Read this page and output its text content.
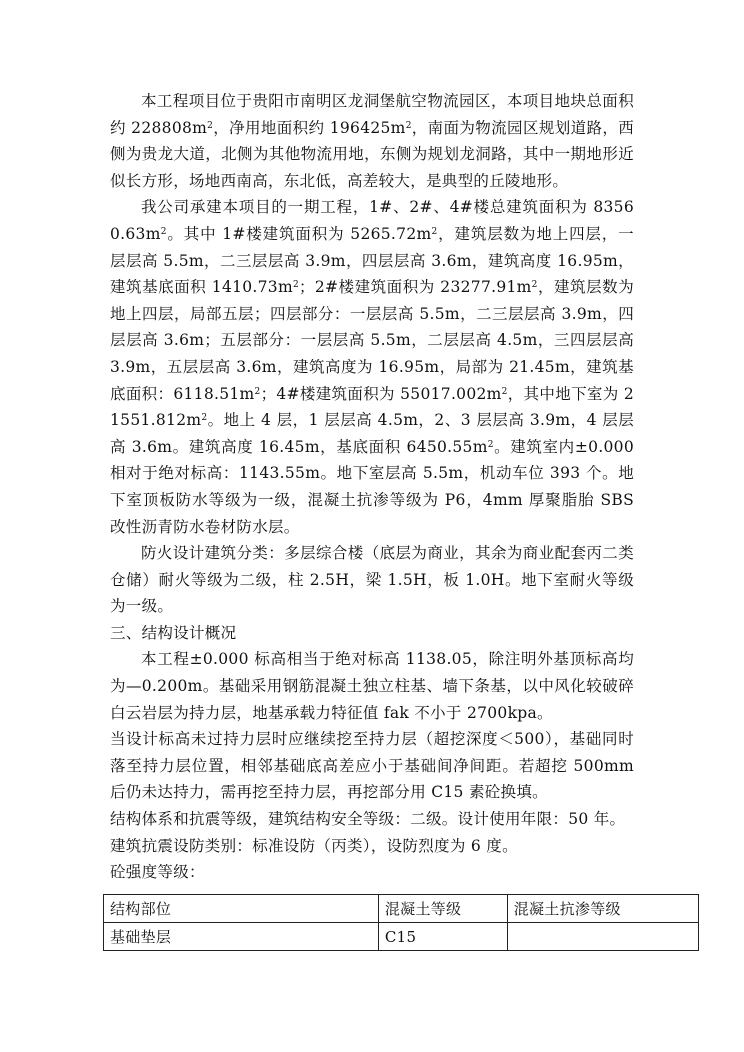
本工程项目位于贵阳市南明区龙洞堡航空物流园区，本项目地块总面积约 $228808m^2$，净用地面积约 $196425m^2$，南面为物流园区规划道路，西侧为贵龙大道，北侧为其他物流用地，东侧为规划龙洞路，其中一期地形近似长方形，场地西南高，东北低，高差较大，是典型的丘陵地形。

我公司承建本项目的一期工程，1#、2#、4#楼总建筑面积为 $83560.63m^2$。其中 1#楼建筑面积为 $5265.72m^2$，建筑层数为地上四层，一层层高 5.5m，二三层层高 3.9m，四层层高 3.6m，建筑高度 16.95m，建筑基底面积 $1410.73m^2$；2#楼建筑面积为 $23277.91m^2$，建筑层数为地上四层，局部五层；四层部分：一层层高 5.5m，二三层层高 3.9m，四层层高 3.6m；五层部分：一层层高 5.5m，二层层高 4.5m，三四层层高 3.9m，五层层高 3.6m，建筑高度为 16.95m，局部为 21.45m，建筑基底面积：$6118.51m^2$；4#楼建筑面积为 $55017.002m^2$，其中地下室为 $21551.812m^2$。地上 4 层，1 层层高 4.5m，2、3 层层高 3.9m，4 层层高 3.6m。建筑高度 16.45m，基底面积 $6450.55m^2$。建筑室内±0.000 相对于绝对标高：1143.55m。地下室层高 5.5m，机动车位 393 个。地下室顶板防水等级为一级，混凝土抗渗等级为 P6，4mm 厚聚脂胎 SBS 改性沥青防水卷材防水层。

防火设计建筑分类：多层综合楼（底层为商业，其余为商业配套丙二类仓储）耐火等级为二级，柱 2.5H，梁 1.5H，板 1.0H。地下室耐火等级为一级。

三、结构设计概况

本工程±0.000 标高相当于绝对标高 1138.05，除注明外基顶标高均为—0.200m。基础采用钢筋混凝土独立柱基、墙下条基，以中风化较破碎白云岩层为持力层，地基承载力特征值 fak 不小于 2700kpa。

当设计标高未过持力层时应继续挖至持力层（超挖深度＜500），基础同时落至持力层位置，相邻基础底高差应小于基础间净间距。若超挖 500mm 后仍未达持力，需再挖至持力层，再挖部分用 C15 素砼换填。

结构体系和抗震等级，建筑结构安全等级：二级。设计使用年限：50 年。

建筑抗震设防类别：标准设防（丙类），设防烈度为 6 度。

砼强度等级：

结构部位	混凝土等级	混凝土抗渗等级
基础垫层	C15	
